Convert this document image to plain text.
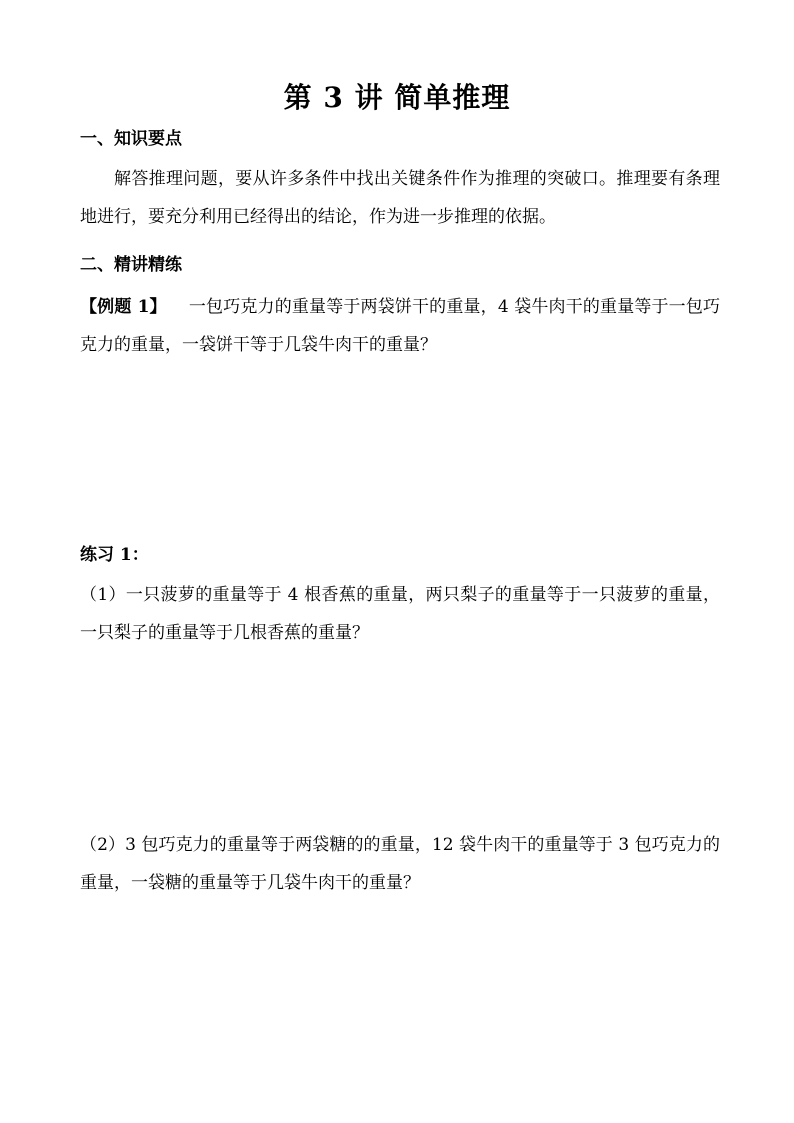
第 3 讲 简单推理
一、知识要点
解答推理问题，要从许多条件中找出关键条件作为推理的突破口。推理要有条理地进行，要充分利用已经得出的结论，作为进一步推理的依据。
二、精讲精练
【例题 1】 一包巧克力的重量等于两袋饼干的重量，4 袋牛肉干的重量等于一包巧克力的重量，一袋饼干等于几袋牛肉干的重量？
练习 1：
（1）一只菠萝的重量等于 4 根香蕉的重量，两只梨子的重量等于一只菠萝的重量，一只梨子的重量等于几根香蕉的重量？
（2）3 包巧克力的重量等于两袋糖的的重量，12 袋牛肉干的重量等于 3 包巧克力的重量，一袋糖的重量等于几袋牛肉干的重量？
